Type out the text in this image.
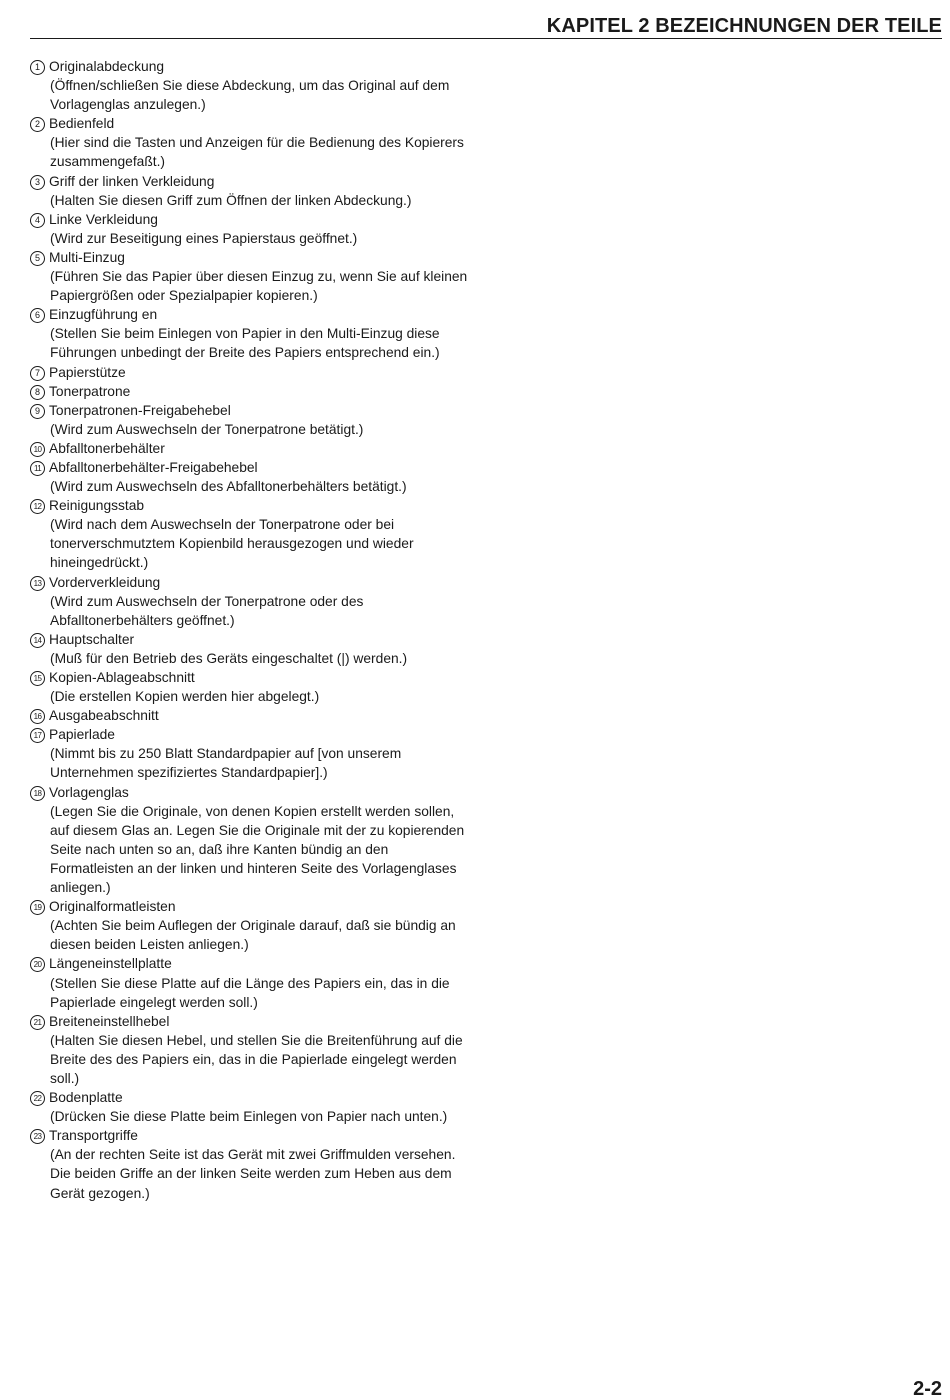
KAPITEL 2 BEZEICHNUNGEN DER TEILE
1 Originalabdeckung
(Öffnen/schließen Sie diese Abdeckung, um das Original auf dem Vorlagenglas anzulegen.)
2 Bedienfeld
(Hier sind die Tasten und Anzeigen für die Bedienung des Kopierers zusammengefaßt.)
3 Griff der linken Verkleidung
(Halten Sie diesen Griff zum Öffnen der linken Abdeckung.)
4 Linke Verkleidung
(Wird zur Beseitigung eines Papierstaus geöffnet.)
5 Multi-Einzug
(Führen Sie das Papier über diesen Einzug zu, wenn Sie auf kleinen Papiergrößen oder Spezialpapier kopieren.)
6 Einzugführung en
(Stellen Sie beim Einlegen von Papier in den Multi-Einzug diese Führungen unbedingt der Breite des Papiers entsprechend ein.)
7 Papierstütze
8 Tonerpatrone
9 Tonerpatronen-Freigabehebel
(Wird zum Auswechseln der Tonerpatrone betätigt.)
10 Abfalltonerbehälter
11 Abfalltonerbehälter-Freigabehebel
(Wird zum Auswechseln des Abfalltonerbehälters betätigt.)
12 Reinigungsstab
(Wird nach dem Auswechseln der Tonerpatrone oder bei tonerverschmutztem Kopienbild herausgezogen und wieder hineingedrückt.)
13 Vorderverkleidung
(Wird zum Auswechseln der Tonerpatrone oder des Abfalltonerbehälters geöffnet.)
14 Hauptschalter
(Muß für den Betrieb des Geräts eingeschaltet (|) werden.)
15 Kopien-Ablageabschnitt
(Die erstellen Kopien werden hier abgelegt.)
16 Ausgabeabschnitt
17 Papierlade
(Nimmt bis zu 250 Blatt Standardpapier auf [von unserem Unternehmen spezifiziertes Standardpapier].)
18 Vorlagenglas
(Legen Sie die Originale, von denen Kopien erstellt werden sollen, auf diesem Glas an. Legen Sie die Originale mit der zu kopierenden Seite nach unten so an, daß ihre Kanten bündig an den Formatleisten an der linken und hinteren Seite des Vorlagenglases anliegen.)
19 Originalformatleisten
(Achten Sie beim Auflegen der Originale darauf, daß sie bündig an diesen beiden Leisten anliegen.)
20 Längeneinstellplatte
(Stellen Sie diese Platte auf die Länge des Papiers ein, das in die Papierlade eingelegt werden soll.)
21 Breiteneinstellhebel
(Halten Sie diesen Hebel, und stellen Sie die Breitenführung auf die Breite des des Papiers ein, das in die Papierlade eingelegt werden soll.)
22 Bodenplatte
(Drücken Sie diese Platte beim Einlegen von Papier nach unten.)
23 Transportgriffe
(An der rechten Seite ist das Gerät mit zwei Griffmulden versehen. Die beiden Griffe an der linken Seite werden zum Heben aus dem Gerät gezogen.)
2-2
